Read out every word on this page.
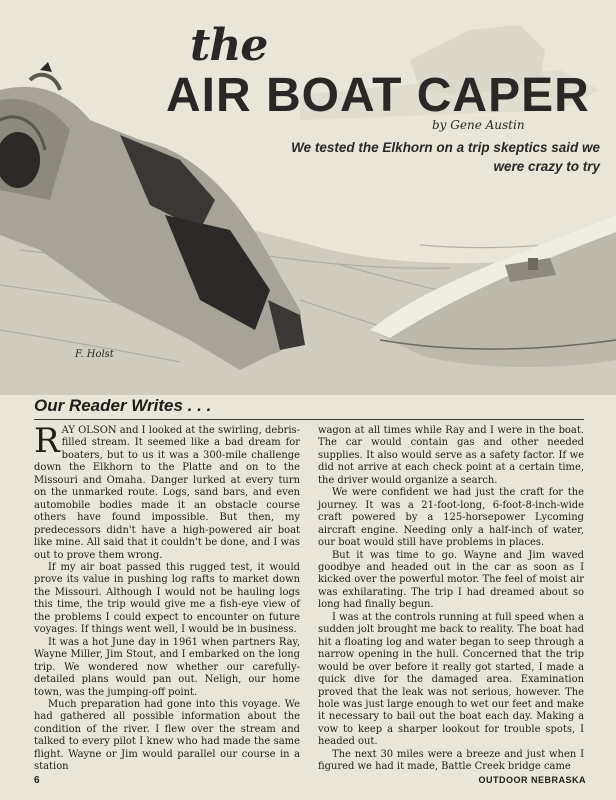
F. Holst
the
AIR BOAT CAPER
by Gene Austin
We tested the Elkhorn on a trip skeptics said we were crazy to try
Our Reader Writes . . .

RAY OLSON and I looked at the swirling, debris-filled stream. It seemed like a bad dream for boaters, but to us it was a 300-mile challenge down the Elkhorn to the Platte and on to the Missouri and Omaha. Danger lurked at every turn on the unmarked route. Logs, sand bars, and even automobile bodies made it an obstacle course others have found impossible. But then, my predecessors didn't have a high-powered air boat like mine. All said that it couldn't be done, and I was out to prove them wrong.

If my air boat passed this rugged test, it would prove its value in pushing log rafts to market down the Missouri. Although I would not be hauling logs this time, the trip would give me a fish-eye view of the problems I could expect to encounter on future voyages. If things went well, I would be in business.

It was a hot June day in 1961 when partners Ray, Wayne Miller, Jim Stout, and I embarked on the long trip. We wondered now whether our carefully-detailed plans would pan out. Neligh, our home town, was the jumping-off point.

Much preparation had gone into this voyage. We had gathered all possible information about the condition of the river. I flew over the stream and talked to every pilot I knew who had made the same flight. Wayne or Jim would parallel our course in a station

wagon at all times while Ray and I were in the boat. The car would contain gas and other needed supplies. It also would serve as a safety factor. If we did not arrive at each check point at a certain time, the driver would organize a search.

We were confident we had just the craft for the journey. It was a 21-foot-long, 6-foot-8-inch-wide craft powered by a 125-horsepower Lycoming aircraft engine. Needing only a half-inch of water, our boat would still have problems in places.

But it was time to go. Wayne and Jim waved goodbye and headed out in the car as soon as I kicked over the powerful motor. The feel of moist air was exhilarating. The trip I had dreamed about so long had finally begun.

I was at the controls running at full speed when a sudden jolt brought me back to reality. The boat had hit a floating log and water began to seep through a narrow opening in the hull. Concerned that the trip would be over before it really got started, I made a quick dive for the damaged area. Examination proved that the leak was not serious, however. The hole was just large enough to wet our feet and make it necessary to bail out the boat each day. Making a vow to keep a sharper lookout for trouble spots, I headed out.

The next 30 miles were a breeze and just when I figured we had it made, Battle Creek bridge came

6	OUTDOOR NEBRASKA
